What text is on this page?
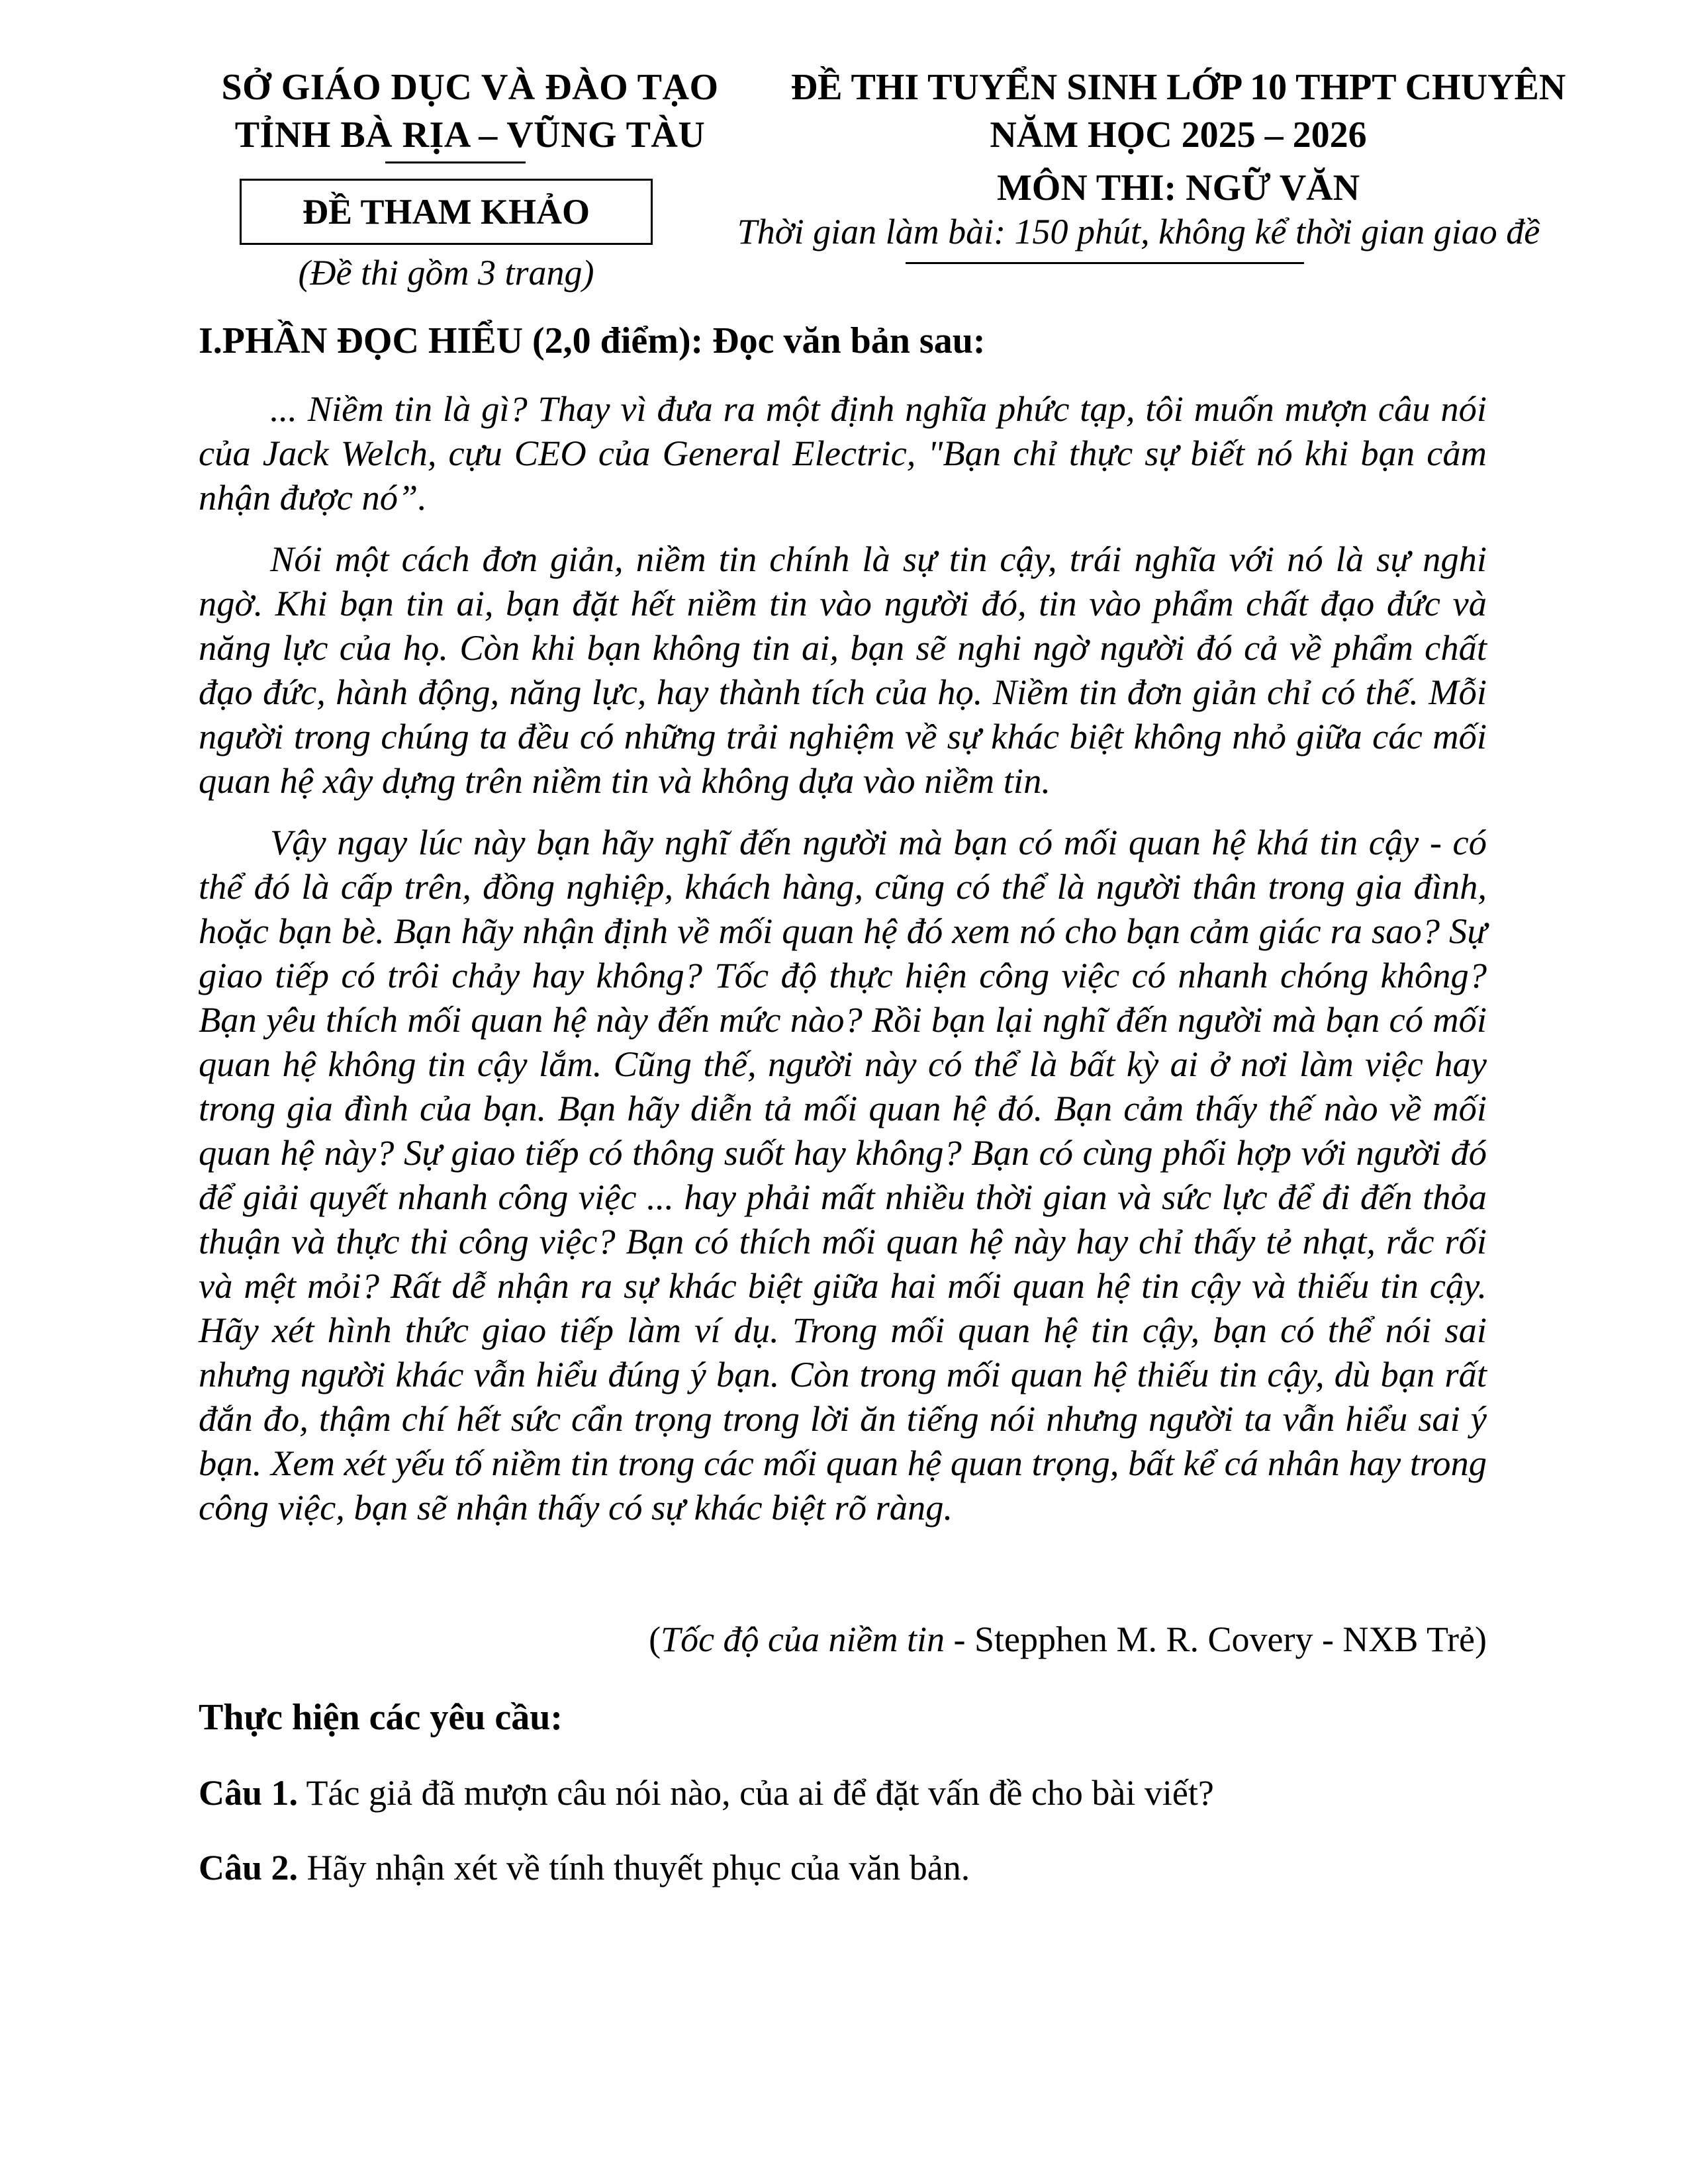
SỞ GIÁO DỤC VÀ ĐÀO TẠO
TỈNH BÀ RỊA – VŨNG TÀU
ĐỀ THI TUYỂN SINH LỚP 10 THPT CHUYÊN
NĂM HỌC 2025 – 2026
ĐỀ THAM KHẢO
(Đề thi gồm 3 trang)
MÔN THI: NGỮ VĂN
Thời gian làm bài: 150 phút, không kể thời gian giao đề
I.PHẦN ĐỌC HIỂU (2,0 điểm): Đọc văn bản sau:

... Niềm tin là gì? Thay vì đưa ra một định nghĩa phức tạp, tôi muốn mượn câu nói của Jack Welch, cựu CEO của General Electric, "Bạn chỉ thực sự biết nó khi bạn cảm nhận được nó”.

Nói một cách đơn giản, niềm tin chính là sự tin cậy, trái nghĩa với nó là sự nghi ngờ. Khi bạn tin ai, bạn đặt hết niềm tin vào người đó, tin vào phẩm chất đạo đức và năng lực của họ. Còn khi bạn không tin ai, bạn sẽ nghi ngờ người đó cả về phẩm chất đạo đức, hành động, năng lực, hay thành tích của họ. Niềm tin đơn giản chỉ có thế. Mỗi người trong chúng ta đều có những trải nghiệm về sự khác biệt không nhỏ giữa các mối quan hệ xây dựng trên niềm tin và không dựa vào niềm tin.

Vậy ngay lúc này bạn hãy nghĩ đến người mà bạn có mối quan hệ khá tin cậy - có thể đó là cấp trên, đồng nghiệp, khách hàng, cũng có thể là người thân trong gia đình, hoặc bạn bè. Bạn hãy nhận định về mối quan hệ đó xem nó cho bạn cảm giác ra sao? Sự giao tiếp có trôi chảy hay không? Tốc độ thực hiện công việc có nhanh chóng không? Bạn yêu thích mối quan hệ này đến mức nào? Rồi bạn lại nghĩ đến người mà bạn có mối quan hệ không tin cậy lắm. Cũng thế, người này có thể là bất kỳ ai ở nơi làm việc hay trong gia đình của bạn. Bạn hãy diễn tả mối quan hệ đó. Bạn cảm thấy thế nào về mối quan hệ này? Sự giao tiếp có thông suốt hay không? Bạn có cùng phối hợp với người đó để giải quyết nhanh công việc ... hay phải mất nhiều thời gian và sức lực để đi đến thỏa thuận và thực thi công việc? Bạn có thích mối quan hệ này hay chỉ thấy tẻ nhạt, rắc rối và mệt mỏi? Rất dễ nhận ra sự khác biệt giữa hai mối quan hệ tin cậy và thiếu tin cậy. Hãy xét hình thức giao tiếp làm ví dụ. Trong mối quan hệ tin cậy, bạn có thể nói sai nhưng người khác vẫn hiểu đúng ý bạn. Còn trong mối quan hệ thiếu tin cậy, dù bạn rất đắn đo, thậm chí hết sức cẩn trọng trong lời ăn tiếng nói nhưng người ta vẫn hiểu sai ý bạn. Xem xét yếu tố niềm tin trong các mối quan hệ quan trọng, bất kể cá nhân hay trong công việc, bạn sẽ nhận thấy có sự khác biệt rõ ràng.

(Tốc độ của niềm tin - Stepphen M. R. Covery - NXB Trẻ)
Thực hiện các yêu cầu:
Câu 1. Tác giả đã mượn câu nói nào, của ai để đặt vấn đề cho bài viết?
Câu 2. Hãy nhận xét về tính thuyết phục của văn bản.
